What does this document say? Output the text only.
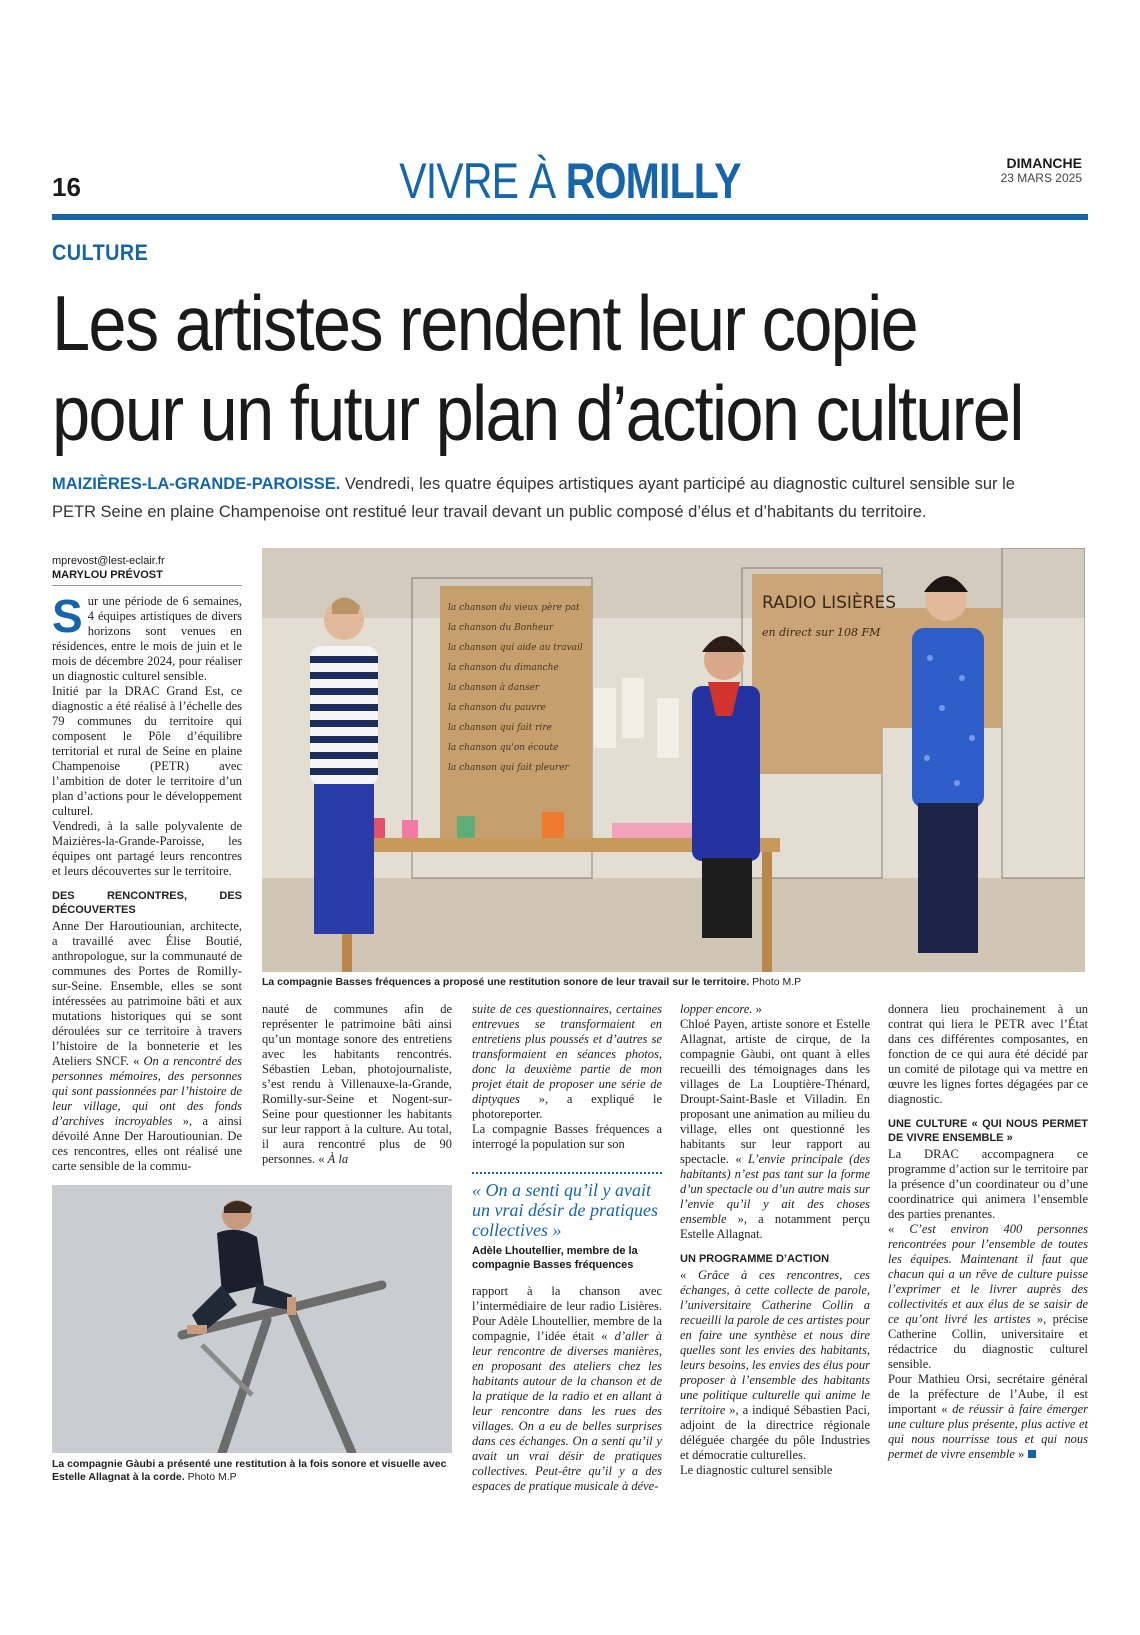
16	VIVRE À ROMILLY	DIMANCHE
23 MARS 2025
CULTURE
Les artistes rendent leur copie
pour un futur plan d’action culturel
MAIZIÈRES-LA-GRANDE-PAROISSE. Vendredi, les quatre équipes artistiques ayant participé au diagnostic culturel sensible sur le PETR Seine en plaine Champenoise ont restitué leur travail devant un public composé d’élus et d’habitants du territoire.
mprevost@lest-eclair.fr
MARYLOU PRÉVOST

Sur une période de 6 semaines, 4 équipes artistiques de divers horizons sont venues en résidences, entre le mois de juin et le mois de décembre 2024, pour réaliser un diagnostic culturel sensible.

Initié par la DRAC Grand Est, ce diagnostic a été réalisé à l’échelle des 79 communes du territoire qui composent le Pôle d’équilibre territorial et rural de Seine en plaine Champenoise (PETR) avec l’ambition de doter le territoire d’un plan d’actions pour le développement culturel.

Vendredi, à la salle polyvalente de Maizières-la-Grande-Paroisse, les équipes ont partagé leurs rencontres et leurs découvertes sur le territoire.

DES RENCONTRES, DES DÉCOUVERTES

Anne Der Haroutiounian, architecte, a travaillé avec Élise Boutié, anthropologue, sur la communauté de communes des Portes de Romilly-sur-Seine. Ensemble, elles se sont intéressées au patrimoine bâti et aux mutations historiques qui se sont déroulées sur ce territoire à travers l’histoire de la bonneterie et les Ateliers SNCF. « On a rencontré des personnes mémoires, des personnes qui sont passionnées par l’histoire de leur village, qui ont des fonds d’archives incroyables », a ainsi dévoilé Anne Der Haroutiounian. De ces rencontres, elles ont réalisé une carte sensible de la commu-

la chanson du vieux père pat
la chanson du Bonheur
la chanson qui aide au travail
la chanson du dimanche
la chanson à danser
la chanson du pauvre
la chanson qui fait rire
la chanson qu'on écoute
la chanson qui fait pleurer
RADIO LISIÈRES
en direct sur 108 FM
La compagnie Basses fréquences a proposé une restitution sonore de leur travail sur le territoire. Photo M.P

nauté de communes afin de représenter le patrimoine bâti ainsi qu’un montage sonore des entretiens avec les habitants rencontrés. Sébastien Leban, photojournaliste, s’est rendu à Villenauxe-la-Grande, Romilly-sur-Seine et Nogent-sur-Seine pour questionner les habitants sur leur rapport à la culture. Au total, il aura rencontré plus de 90 personnes. « À la

suite de ces questionnaires, certaines entrevues se transformaient en entretiens plus poussés et d’autres se transformaient en séances photos, donc la deuxième partie de mon projet était de proposer une série de diptyques », a expliqué le photoreporter.

La compagnie Basses fréquences a interrogé la population sur son

« On a senti qu’il y avait un vrai désir de pratiques collectives »
Adèle Lhoutellier, membre de la compagnie Basses fréquences

rapport à la chanson avec l’intermédiaire de leur radio Lisières. Pour Adèle Lhoutellier, membre de la compagnie, l’idée était « d’aller à leur rencontre de diverses manières, en proposant des ateliers chez les habitants autour de la chanson et de la pratique de la radio et en allant à leur rencontre dans les rues des villages. On a eu de belles surprises dans ces échanges. On a senti qu’il y avait un vrai désir de pratiques collectives. Peut-être qu’il y a des espaces de pratique musicale à déve-

lopper encore. »

Chloé Payen, artiste sonore et Estelle Allagnat, artiste de cirque, de la compagnie Gàubi, ont quant à elles recueilli des témoignages dans les villages de La Louptière-Thénard, Droupt-Saint-Basle et Villadin. En proposant une animation au milieu du village, elles ont questionné les habitants sur leur rapport au spectacle. « L’envie principale (des habitants) n’est pas tant sur la forme d’un spectacle ou d’un autre mais sur l’envie qu’il y ait des choses ensemble », a notamment perçu Estelle Allagnat.

UN PROGRAMME D’ACTION

« Grâce à ces rencontres, ces échanges, à cette collecte de parole, l’universitaire Catherine Collin a recueilli la parole de ces artistes pour en faire une synthèse et nous dire quelles sont les envies des habitants, leurs besoins, les envies des élus pour proposer à l’ensemble des habitants une politique culturelle qui anime le territoire », a indiqué Sébastien Paci, adjoint de la directrice régionale déléguée chargée du pôle Industries et démocratie culturelles.

Le diagnostic culturel sensible

donnera lieu prochainement à un contrat qui liera le PETR avec l’État dans ces différentes composantes, en fonction de ce qui aura été décidé par un comité de pilotage qui va mettre en œuvre les lignes fortes dégagées par ce diagnostic.

UNE CULTURE « QUI NOUS PERMET DE VIVRE ENSEMBLE »

La DRAC accompagnera ce programme d’action sur le territoire par la présence d’un coordinateur ou d’une coordinatrice qui animera l’ensemble des parties prenantes.

« C’est environ 400 personnes rencontrées pour l’ensemble de toutes les équipes. Maintenant il faut que chacun qui a un rêve de culture puisse l’exprimer et le livrer auprès des collectivités et aux élus de se saisir de ce qu’ont livré les artistes », précise Catherine Collin, universitaire et rédactrice du diagnostic culturel sensible.

Pour Mathieu Orsi, secrétaire général de la préfecture de l’Aube, il est important « de réussir à faire émerger une culture plus présente, plus active et qui nous nourrisse tous et qui nous permet de vivre ensemble »

La compagnie Gàubi a présenté une restitution à la fois sonore et visuelle avec Estelle Allagnat à la corde. Photo M.P
